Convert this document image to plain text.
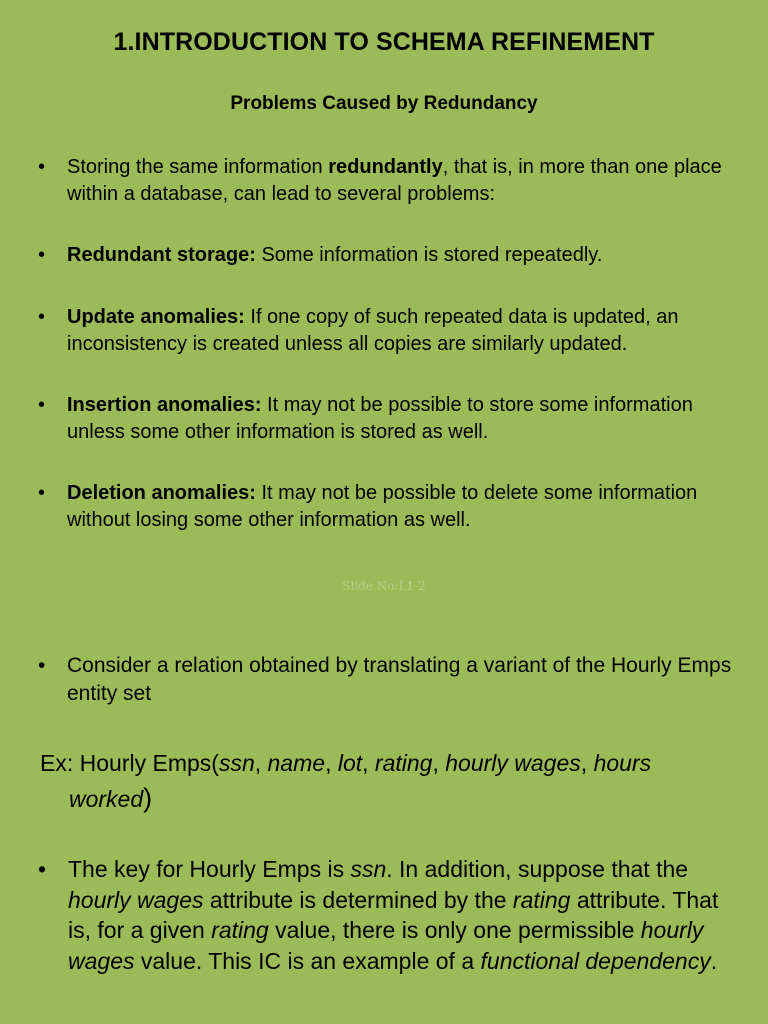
1.INTRODUCTION TO SCHEMA REFINEMENT
Problems Caused by Redundancy
•	Storing the same information redundantly, that is, in more than one place within a database, can lead to several problems:
•	Redundant storage: Some information is stored repeatedly.
•	Update anomalies: If one copy of such repeated data is updated, an inconsistency is created unless all copies are similarly updated.
•	Insertion anomalies: It may not be possible to store some information unless some other information is stored as well.
•	Deletion anomalies: It may not be possible to delete some information without losing some other information as well.
Slide No:L1-2
•	Consider a relation obtained by translating a variant of the Hourly Emps entity set
Ex: Hourly Emps(ssn, name, lot, rating, hourly wages, hours
worked)
• The key for Hourly Emps is ssn. In addition, suppose that the hourly wages attribute is determined by the rating attribute. That is, for a given rating value, there is only one permissible hourly wages value. This IC is an example of a functional dependency.
